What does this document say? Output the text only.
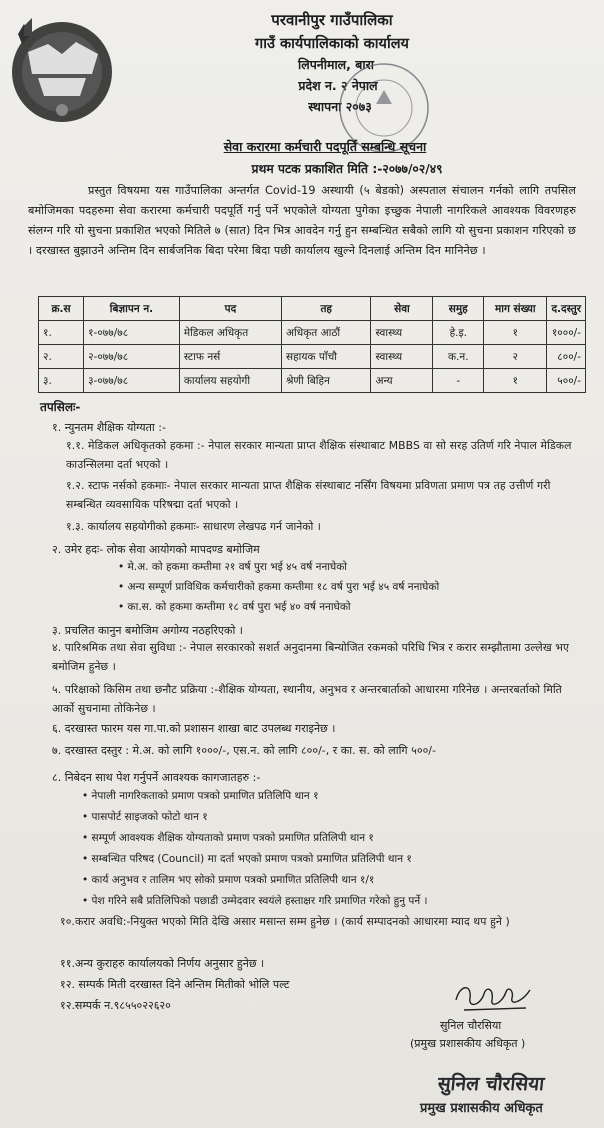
परवानीपुर गाउँपालिका
गाउँ कार्यपालिकाको कार्यालय
लिपनीमाल, बारा
प्रदेश न. २ नेपाल
स्थापना २०७३
सेवा करारमा कर्मचारी पदपूर्ति सम्बन्धि सूचना
प्रथम पटक प्रकाशित मिति :-२०७७/०२/४९
प्रस्तुत विषयमा यस गाउँपालिका अन्तर्गत Covid-19 अस्थायी (५ बेडको) अस्पताल संचालन गर्नको लागि तपसिल बमोजिमका पदहरुमा सेवा करारमा कर्मचारी पदपूर्ति गर्नु पर्ने भएकोले योग्यता पुगेका इच्छुक नेपाली नागरिकले आवश्यक विवरणहरु संलग्न गरि यो सुचना प्रकाशित भएको मितिले ७ (सात) दिन भित्र आवदेन गर्नु हुन सम्बन्धित सबैको लागि यो सुचना प्रकाशन गरिएको छ । दरखास्त बुझाउने अन्तिम दिन सार्बजनिक बिदा परेमा बिदा पछी कार्यालय खुल्ने दिनलाई अन्तिम दिन मानिनेछ ।
क्र.स	बिज्ञापन न.	पद	तह	सेवा	समुह	माग संख्या	द.दस्तुर
१.	१-०७७/७८	मेडिकल अधिकृत	अधिकृत आठौं	स्वास्थ्य	हे.इ.	१	१०००/-
२.	२-०७७/७८	स्टाफ नर्स	सहायक पाँचौ	स्वास्थ्य	क.न.	२	८००/-
३.	३-०७७/७८	कार्यालय सहयोगी	श्रेणी बिहिन	अन्य	-	१	५००/-
तपसिलः-
१. न्युनतम शैक्षिक योग्यता :-
१.१. मेडिकल अधिकृतको हकमा :- नेपाल सरकार मान्यता प्राप्त शैक्षिक संस्थाबाट MBBS वा सो सरह उतिर्ण गरि नेपाल मेडिकल काउन्सिलमा दर्ता भएको ।
१.२. स्टाफ नर्सको हकमाः- नेपाल सरकार मान्यता प्राप्त शैक्षिक संस्थाबाट नर्सिंग विषयमा प्रविणता प्रमाण पत्र तह उत्तीर्ण गरी सम्बन्धित व्यवसायिक परिषद्मा दर्ता भएको ।
१.३. कार्यालय सहयोगीको हकमाः- साधारण लेखपढ गर्न जानेको ।
२. उमेर हदः- लोक सेवा आयोगको मापदण्ड बमोजिम
• मे.अ. को हकमा कम्तीमा २१ वर्ष पुरा भई ४५ वर्ष ननाघेको
• अन्य सम्पूर्ण प्राविधिक कर्मचारीको हकमा कम्तीमा १८ वर्ष पुरा भई ४५ वर्ष ननाघेको
• का.स. को हकमा कम्तीमा १८ वर्ष पुरा भई ४० वर्ष ननाघेको
३. प्रचलित कानुन बमोजिम अगोग्य नठहरिएको ।
४. पारिश्रमिक तथा सेवा सुविधा :- नेपाल सरकारको सशर्त अनुदानमा बिन्योजित रकमको परिधि भित्र र करार सम्झौतामा उल्लेख भए बमोजिम हुनेछ ।
५. परिक्षाको किसिम तथा छनौट प्रक्रिया :-शैक्षिक योग्यता, स्थानीय, अनुभव र अन्तरबार्ताको आधारमा गरिनेछ । अन्तरबर्ताको मिति आर्को सुचनामा तोकिनेछ ।
६. दरखास्त फारम यस गा.पा.को प्रशासन शाखा बाट उपलब्ध गराइनेछ ।
७. दरखास्त दस्तुर : मे.अ. को लागि १०००/-, एस.न. को लागि ८००/-, र का. स. को लागि ५००/-
८. निबेदन साथ पेश गर्नुपर्ने आवश्यक कागजातहरु :-
• नेपाली नागरिकताको प्रमाण पत्रको प्रमाणित प्रतिलिपि थान १
• पासपोर्ट साइजको फोटो थान १
• सम्पूर्ण आवश्यक शैक्षिक योग्यताको प्रमाण पत्रको प्रमाणित प्रतिलिपी थान १
• सम्बन्धित परिषद (Council) मा दर्ता भएको प्रमाण पत्रको प्रमाणित प्रतिलिपी थान १
• कार्य अनुभव र तालिम भए सोको प्रमाण पत्रको प्रमाणित प्रतिलिपी थान १/१
• पेश गरिने सबै प्रतिलिपिको पछाडी उम्मेदवार स्वयंले हस्ताक्षर गरि प्रमाणित गरेको हुनु पर्ने ।
१०.करार अवधि:-नियुक्त भएको मिति देखि असार मसान्त सम्म हुनेछ । (कार्य सम्पादनको आधारमा म्याद थप हुने )
११.अन्य कुराहरु कार्यालयको निर्णय अनुसार हुनेछ ।
१२. सम्पर्क मिती दरखास्त दिने अन्तिम मितीको भोलि पल्ट
१२.सम्पर्क न.९८५५०२२६२०
सुनिल चौरसिया
(प्रमुख प्रशासकीय अधिकृत )
सुनिल चौरसिया
प्रमुख प्रशासकीय अधिकृत
